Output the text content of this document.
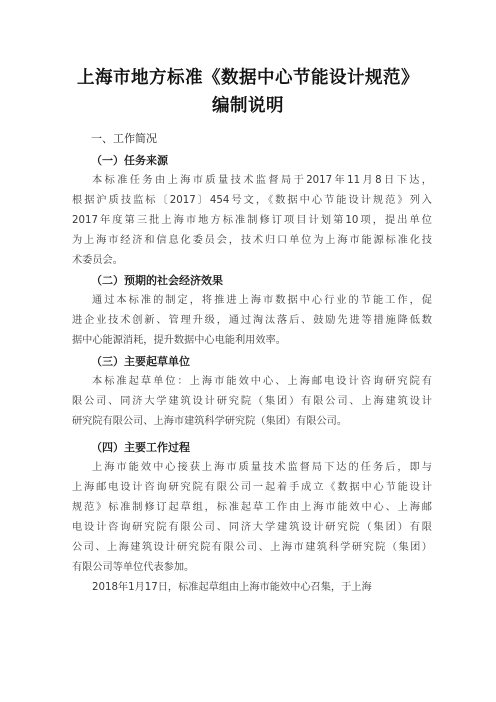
上海市地方标准《数据中心节能设计规范》
编制说明
一、工作简况
（一）任务来源
本标准任务由上海市质量技术监督局于2017年11月8日下达，
根据沪质技监标〔2017〕454号文，《数据中心节能设计规范》列入
2017年度第三批上海市地方标准制修订项目计划第10项，提出单位
为上海市经济和信息化委员会，技术归口单位为上海市能源标准化技
术委员会。
（二）预期的社会经济效果
通过本标准的制定，将推进上海市数据中心行业的节能工作，促
进企业技术创新、管理升级，通过淘汰落后、鼓励先进等措施降低数
据中心能源消耗，提升数据中心电能利用效率。
（三）主要起草单位
本标准起草单位：上海市能效中心、上海邮电设计咨询研究院有
限公司、同济大学建筑设计研究院（集团）有限公司、上海建筑设计
研究院有限公司、上海市建筑科学研究院（集团）有限公司。
（四）主要工作过程
上海市能效中心接获上海市质量技术监督局下达的任务后，即与
上海邮电设计咨询研究院有限公司一起着手成立《数据中心节能设计
规范》标准制修订起草组，标准起草工作由上海市能效中心、上海邮
电设计咨询研究院有限公司、同济大学建筑设计研究院（集团）有限
公司、上海建筑设计研究院有限公司、上海市建筑科学研究院（集团）
有限公司等单位代表参加。
2018年1月17日，标准起草组由上海市能效中心召集，于上海
